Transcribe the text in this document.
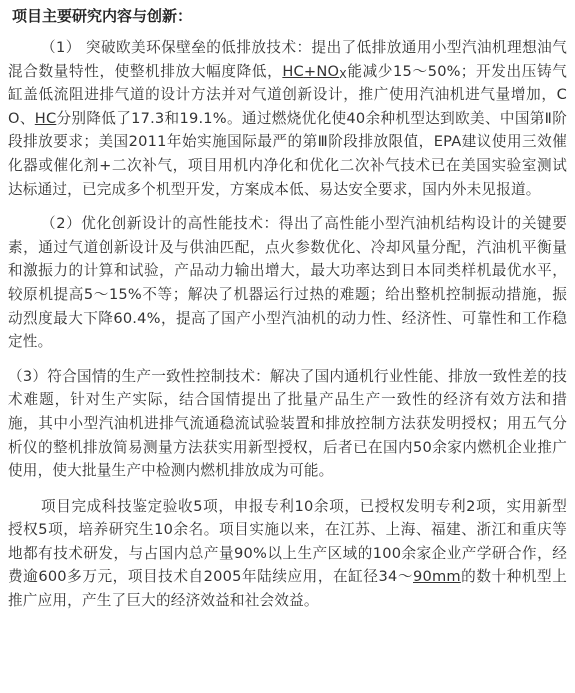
项目主要研究内容与创新：

（1） 突破欧美环保壁垒的低排放技术：提出了低排放通用小型汽油机理想油气混合数量特性，使整机排放大幅度降低，$HC+NO_X$能减少15～50%；开发出压铸气缸盖低流阻进排气道的设计方法并对气道创新设计，推广使用汽油机进气量增加，CO、HC分别降低了17.3和19.1%。通过燃烧优化使40余种机型达到欧美、中国第Ⅱ阶段排放要求；美国2011年始实施国际最严的第Ⅲ阶段排放限值，EPA建议使用三效催化器或催化剂+二次补气，项目用机内净化和优化二次补气技术已在美国实验室测试达标通过，已完成多个机型开发，方案成本低、易达安全要求，国内外未见报道。

（2）优化创新设计的高性能技术：得出了高性能小型汽油机结构设计的关键要素，通过气道创新设计及与供油匹配，点火参数优化、冷却风量分配，汽油机平衡量和激振力的计算和试验，产品动力输出增大，最大功率达到日本同类样机最优水平，较原机提高5～15%不等；解决了机器运行过热的难题；给出整机控制振动措施，振动烈度最大下降60.4%，提高了国产小型汽油机的动力性、经济性、可靠性和工作稳定性。

（3）符合国情的生产一致性控制技术：解决了国内通机行业性能、排放一致性差的技术难题，针对生产实际，结合国情提出了批量产品生产一致性的经济有效方法和措施，其中小型汽油机进排气流通稳流试验装置和排放控制方法获发明授权；用五气分析仪的整机排放简易测量方法获实用新型授权，后者已在国内50余家内燃机企业推广使用，使大批量生产中检测内燃机排放成为可能。

项目完成科技鉴定验收5项，申报专利10余项，已授权发明专利2项，实用新型授权5项，培养研究生10余名。项目实施以来，在江苏、上海、福建、浙江和重庆等地都有技术研发，与占国内总产量90%以上生产区域的100余家企业产学研合作，经费逾600多万元，项目技术自2005年陆续应用，在缸径34～90mm的数十种机型上推广应用，产生了巨大的经济效益和社会效益。
